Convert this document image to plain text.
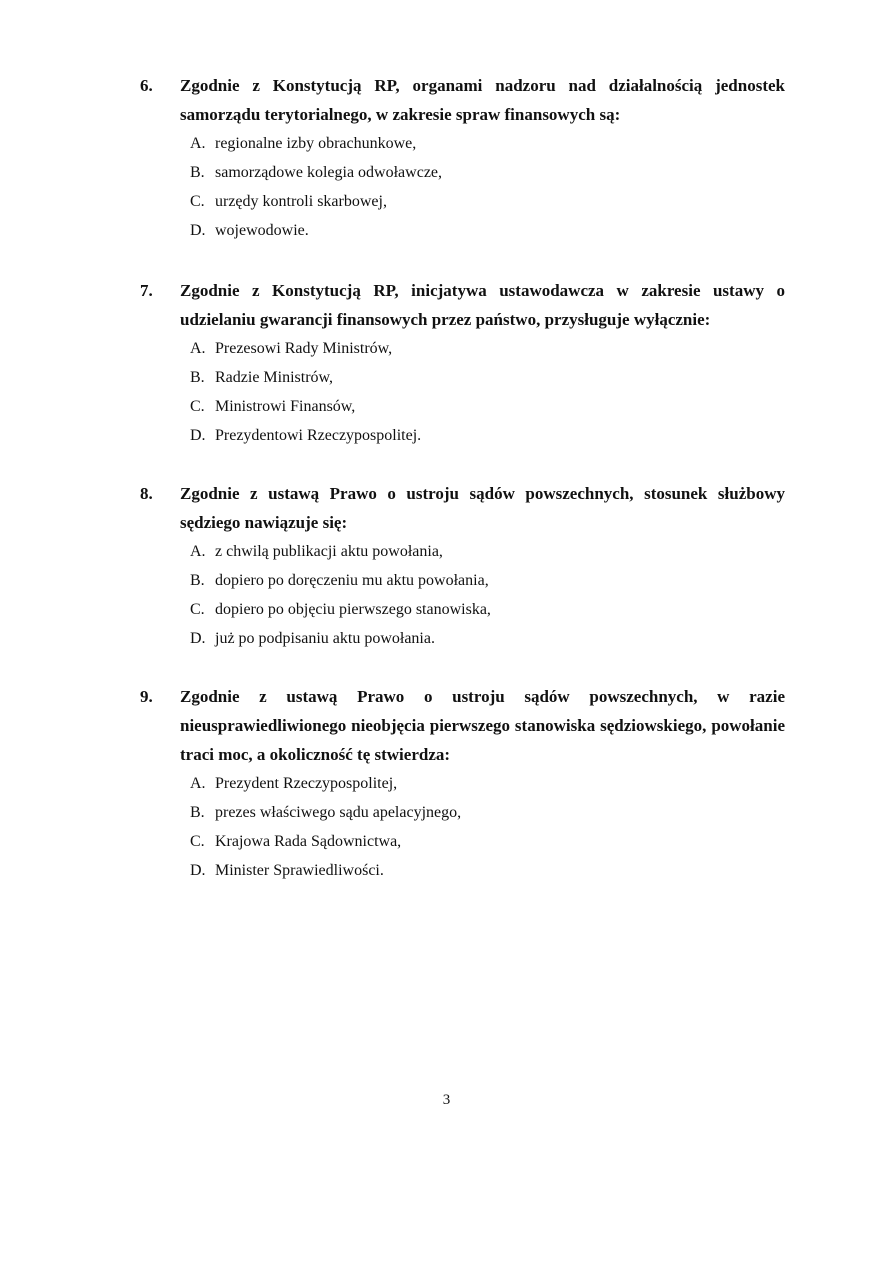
6. Zgodnie z Konstytucją RP, organami nadzoru nad działalnością jednostek samorządu terytorialnego, w zakresie spraw finansowych są:
A. regionalne izby obrachunkowe,
B. samorządowe kolegia odwoławcze,
C. urzędy kontroli skarbowej,
D. wojewodowie.
7. Zgodnie z Konstytucją RP, inicjatywa ustawodawcza w zakresie ustawy o udzielaniu gwarancji finansowych przez państwo, przysługuje wyłącznie:
A. Prezesowi Rady Ministrów,
B. Radzie Ministrów,
C. Ministrowi Finansów,
D. Prezydentowi Rzeczypospolitej.
8. Zgodnie z ustawą Prawo o ustroju sądów powszechnych, stosunek służbowy sędziego nawiązuje się:
A. z chwilą publikacji aktu powołania,
B. dopiero po doręczeniu mu aktu powołania,
C. dopiero po objęciu pierwszego stanowiska,
D. już po podpisaniu aktu powołania.
9. Zgodnie z ustawą Prawo o ustroju sądów powszechnych, w razie nieusprawiedliwionego nieobjęcia pierwszego stanowiska sędziowskiego, powołanie traci moc, a okoliczność tę stwierdza:
A. Prezydent Rzeczypospolitej,
B. prezes właściwego sądu apelacyjnego,
C. Krajowa Rada Sądownictwa,
D. Minister Sprawiedliwości.
3
